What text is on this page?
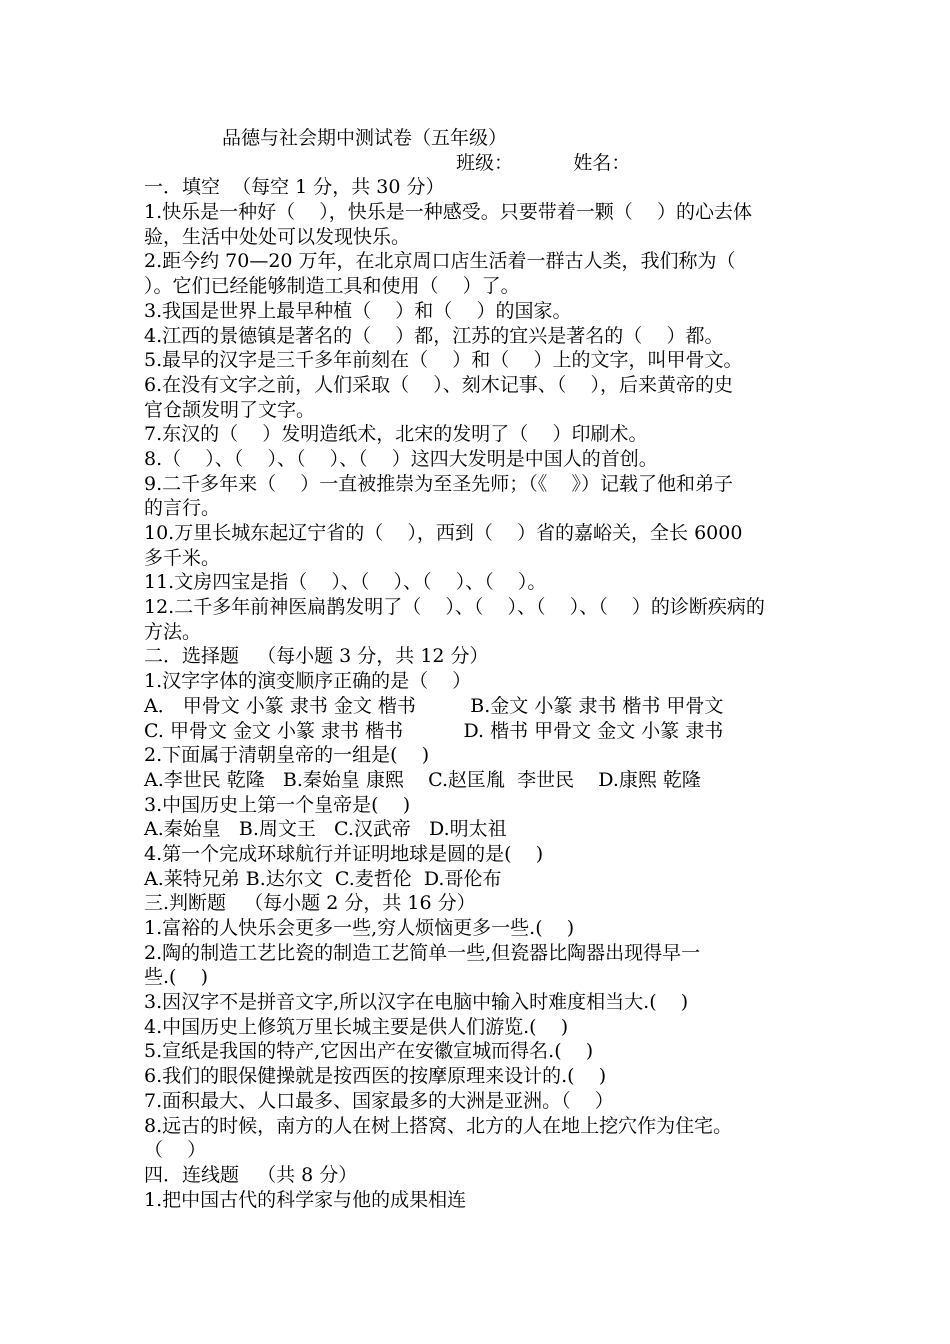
品德与社会期中测试卷（五年级）
班级：          姓名：
一．填空  （每空 1 分，共 30 分）
1.快乐是一种好（    ），快乐是一种感受。只要带着一颗（    ）的心去体
验，生活中处处可以发现快乐。
2.距今约 70—20 万年，在北京周口店生活着一群古人类，我们称为（
）。它们已经能够制造工具和使用（    ）了。
3.我国是世界上最早种植（    ）和（    ）的国家。
4.江西的景德镇是著名的（    ）都，江苏的宜兴是著名的（    ）都。
5.最早的汉字是三千多年前刻在（    ）和（    ）上的文字，叫甲骨文。
6.在没有文字之前，人们采取（    ）、刻木记事、（    ），后来黄帝的史
官仓颉发明了文字。
7.东汉的（    ）发明造纸术，北宋的发明了（    ）印刷术。
8.（    ）、（    ）、（    ）、（    ）这四大发明是中国人的首创。
9.二千多年来（    ）一直被推崇为至圣先师；（《    》）记载了他和弟子
的言行。
10.万里长城东起辽宁省的（    ），西到（    ）省的嘉峪关，全长 6000
多千米。
11.文房四宝是指（    ）、（    ）、（    ）、（    ）。
12.二千多年前神医扁鹊发明了（    ）、（    ）、（    ）、（    ）的诊断疾病的
方法。
二．选择题   （每小题 3 分，共 12 分）
1.汉字字体的演变顺序正确的是（    ）
A． 甲骨文 小篆 隶书 金文 楷书         B.金文 小篆 隶书 楷书 甲骨文
C. 甲骨文 金文 小篆 隶书 楷书          D. 楷书 甲骨文 金文 小篆 隶书
2.下面属于清朝皇帝的一组是(    )
A.李世民 乾隆   B.秦始皇 康熙    C.赵匡胤  李世民    D.康熙 乾隆
3.中国历史上第一个皇帝是(    )
A.秦始皇   B.周文王   C.汉武帝   D.明太祖
4.第一个完成环球航行并证明地球是圆的是(    )
A.莱特兄弟 B.达尔文  C.麦哲伦  D.哥伦布
三.判断题   （每小题 2 分，共 16 分）
1.富裕的人快乐会更多一些,穷人烦恼更多一些.(    )
2.陶的制造工艺比瓷的制造工艺简单一些,但瓷器比陶器出现得早一
些.(    )
3.因汉字不是拼音文字,所以汉字在电脑中输入时难度相当大.(    )
4.中国历史上修筑万里长城主要是供人们游览.(    )
5.宣纸是我国的特产,它因出产在安徽宣城而得名.(    )
6.我们的眼保健操就是按西医的按摩原理来设计的.(    )
7.面积最大、人口最多、国家最多的大洲是亚洲。（    ）
8.远古的时候，南方的人在树上搭窝、北方的人在地上挖穴作为住宅。
（    ）
四．连线题   （共 8 分）
1.把中国古代的科学家与他的成果相连
